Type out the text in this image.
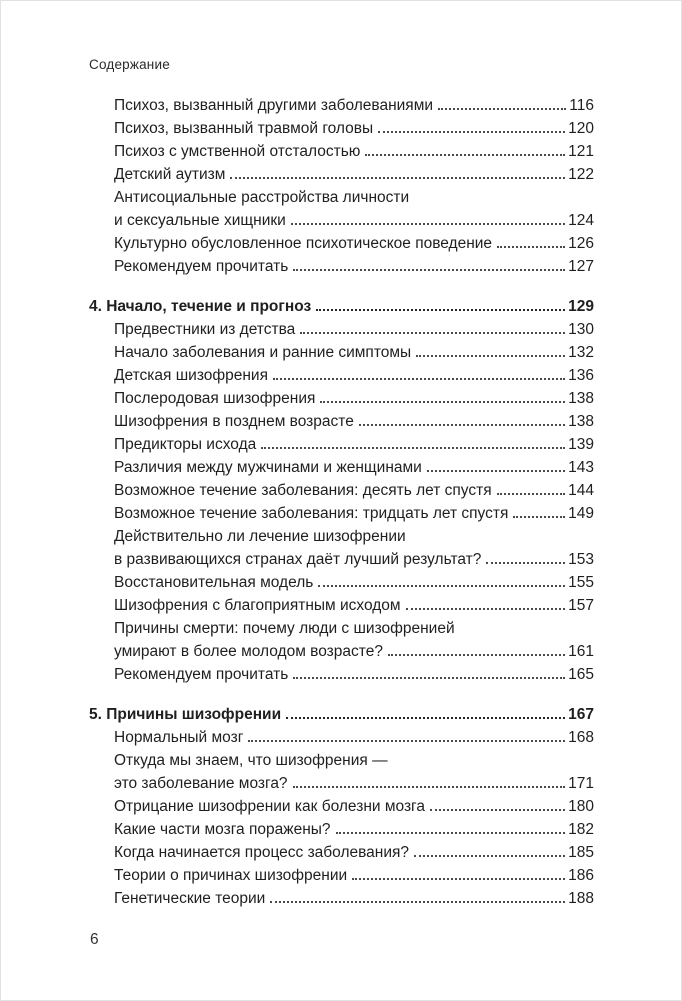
Содержание
Психоз, вызванный другими заболеваниями	116
Психоз, вызванный травмой головы	120
Психоз с умственной отсталостью	121
Детский аутизм	122
Антисоциальные расстройства личности
и сексуальные хищники	124
Культурно обусловленное психотическое поведение	126
Рекомендуем прочитать	127
4. Начало, течение и прогноз	129
Предвестники из детства	130
Начало заболевания и ранние симптомы	132
Детская шизофрения	136
Послеродовая шизофрения	138
Шизофрения в позднем возрасте	138
Предикторы исхода	139
Различия между мужчинами и женщинами	143
Возможное течение заболевания: десять лет спустя	144
Возможное течение заболевания: тридцать лет спустя	149
Действительно ли лечение шизофрении
в развивающихся странах даёт лучший результат?	153
Восстановительная модель	155
Шизофрения с благоприятным исходом	157
Причины смерти: почему люди с шизофренией
умирают в более молодом возрасте?	161
Рекомендуем прочитать	165
5. Причины шизофрении	167
Нормальный мозг	168
Откуда мы знаем, что шизофрения —
это заболевание мозга?	171
Отрицание шизофрении как болезни мозга	180
Какие части мозга поражены?	182
Когда начинается процесс заболевания?	185
Теории о причинах шизофрении	186
Генетические теории	188
6
